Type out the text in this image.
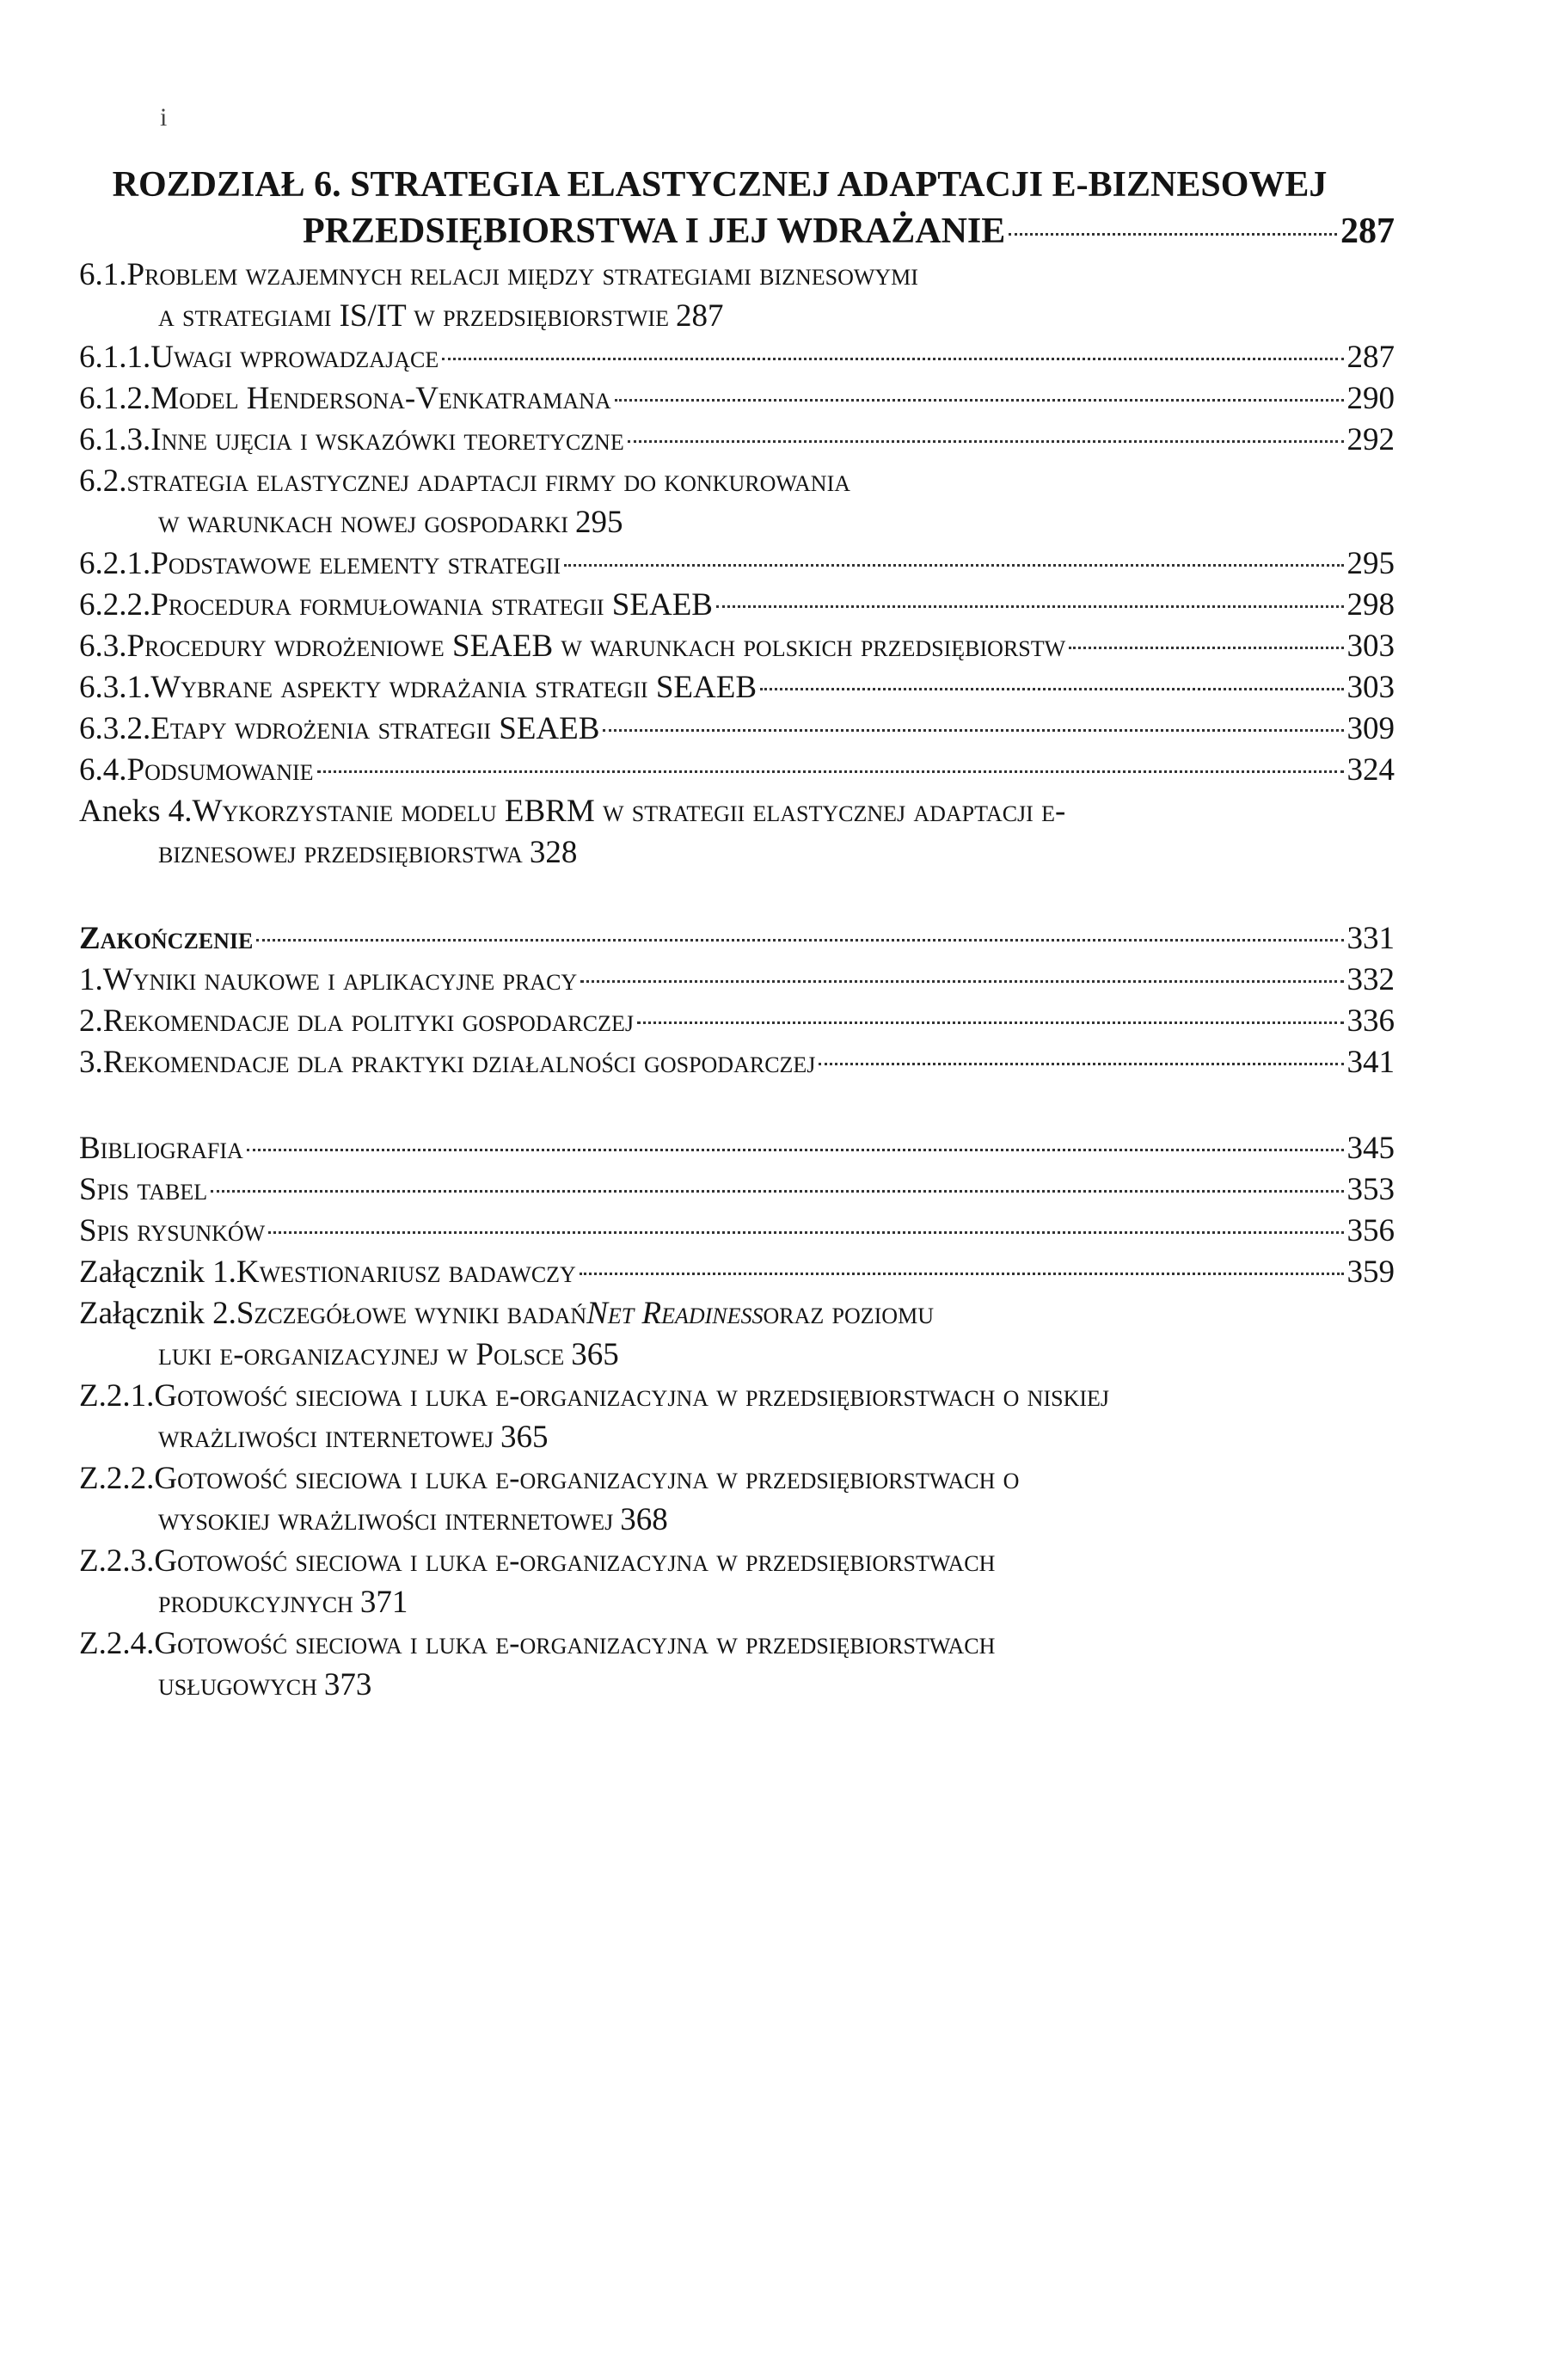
i
ROZDZIAŁ 6. STRATEGIA ELASTYCZNEJ ADAPTACJI E-BIZNESOWEJ
PRZEDSIĘBIORSTWA I JEJ WDRAŻANIE	287
6.1. Problem wzajemnych relacji między strategiami biznesowymi
a strategiami IS/IT w przedsiębiorstwie 287
6.1.1. Uwagi wprowadzające	287
6.1.2. Model Hendersona-Venkatramana	290
6.1.3. Inne ujęcia i wskazówki teoretyczne	292
6.2. strategia elastycznej adaptacji firmy do konkurowania
w warunkach nowej gospodarki 295
6.2.1. Podstawowe elementy strategii	295
6.2.2. Procedura formułowania strategii SEAEB	298
6.3. Procedury wdrożeniowe SEAEB w warunkach polskich przedsiębiorstw	303
6.3.1. Wybrane aspekty wdrażania strategii SEAEB	303
6.3.2. Etapy wdrożenia strategii SEAEB	309
6.4. Podsumowanie	324
Aneks 4. Wykorzystanie modelu EBRM w strategii elastycznej adaptacji e-
biznesowej przedsiębiorstwa 328
Zakończenie	331
1. Wyniki naukowe i aplikacyjne pracy	332
2. Rekomendacje dla polityki gospodarczej	336
3. Rekomendacje dla praktyki działalności gospodarczej	341
Bibliografia	345
Spis tabel	353
Spis rysunków	356
Załącznik 1. Kwestionariusz badawczy	359
Załącznik 2. Szczegółowe wyniki badań Net Readiness oraz poziomu
luki e-organizacyjnej w Polsce 365
Z.2.1. Gotowość sieciowa i luka e-organizacyjna w przedsiębiorstwach o niskiej
wrażliwości internetowej 365
Z.2.2. Gotowość sieciowa i luka e-organizacyjna w przedsiębiorstwach o
wysokiej wrażliwości internetowej 368
Z.2.3. Gotowość sieciowa i luka e-organizacyjna w przedsiębiorstwach
produkcyjnych 371
Z.2.4. Gotowość sieciowa i luka e-organizacyjna w przedsiębiorstwach
usługowych 373
